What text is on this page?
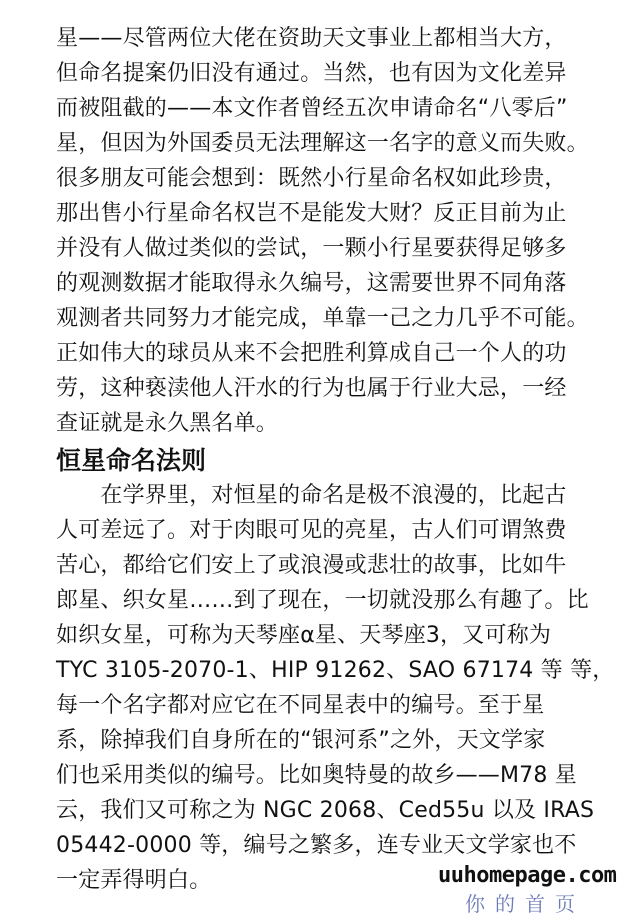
星——尽管两位大佬在资助天文事业上都相当大方，
但命名提案仍旧没有通过。当然，也有因为文化差异
而被阻截的——本文作者曾经五次申请命名“八零后”
星，但因为外国委员无法理解这一名字的意义而失败。
很多朋友可能会想到：既然小行星命名权如此珍贵，
那出售小行星命名权岂不是能发大财？反正目前为止
并没有人做过类似的尝试，一颗小行星要获得足够多
的观测数据才能取得永久编号，这需要世界不同角落
观测者共同努力才能完成，单靠一己之力几乎不可能。
正如伟大的球员从来不会把胜利算成自己一个人的功
劳，这种亵渎他人汗水的行为也属于行业大忌，一经
查证就是永久黑名单。
恒星命名法则
　　在学界里，对恒星的命名是极不浪漫的，比起古
人可差远了。对于肉眼可见的亮星，古人们可谓煞费
苦心，都给它们安上了或浪漫或悲壮的故事，比如牛
郎星、织女星……到了现在，一切就没那么有趣了。比
如织女星，可称为天琴座α星、天琴座3，又可称为
TYC 3105-2070-1、HIP 91262、SAO 67174 等 等，
每一个名字都对应它在不同星表中的编号。至于星
系，除掉我们自身所在的“银河系”之外，天文学家
们也采用类似的编号。比如奥特曼的故乡——M78 星
云，我们又可称之为 NGC 2068、Ced55u 以及 IRAS
05442-0000 等，编号之繁多，连专业天文学家也不
一定弄得明白。	uuhomepage.com
你的首页
